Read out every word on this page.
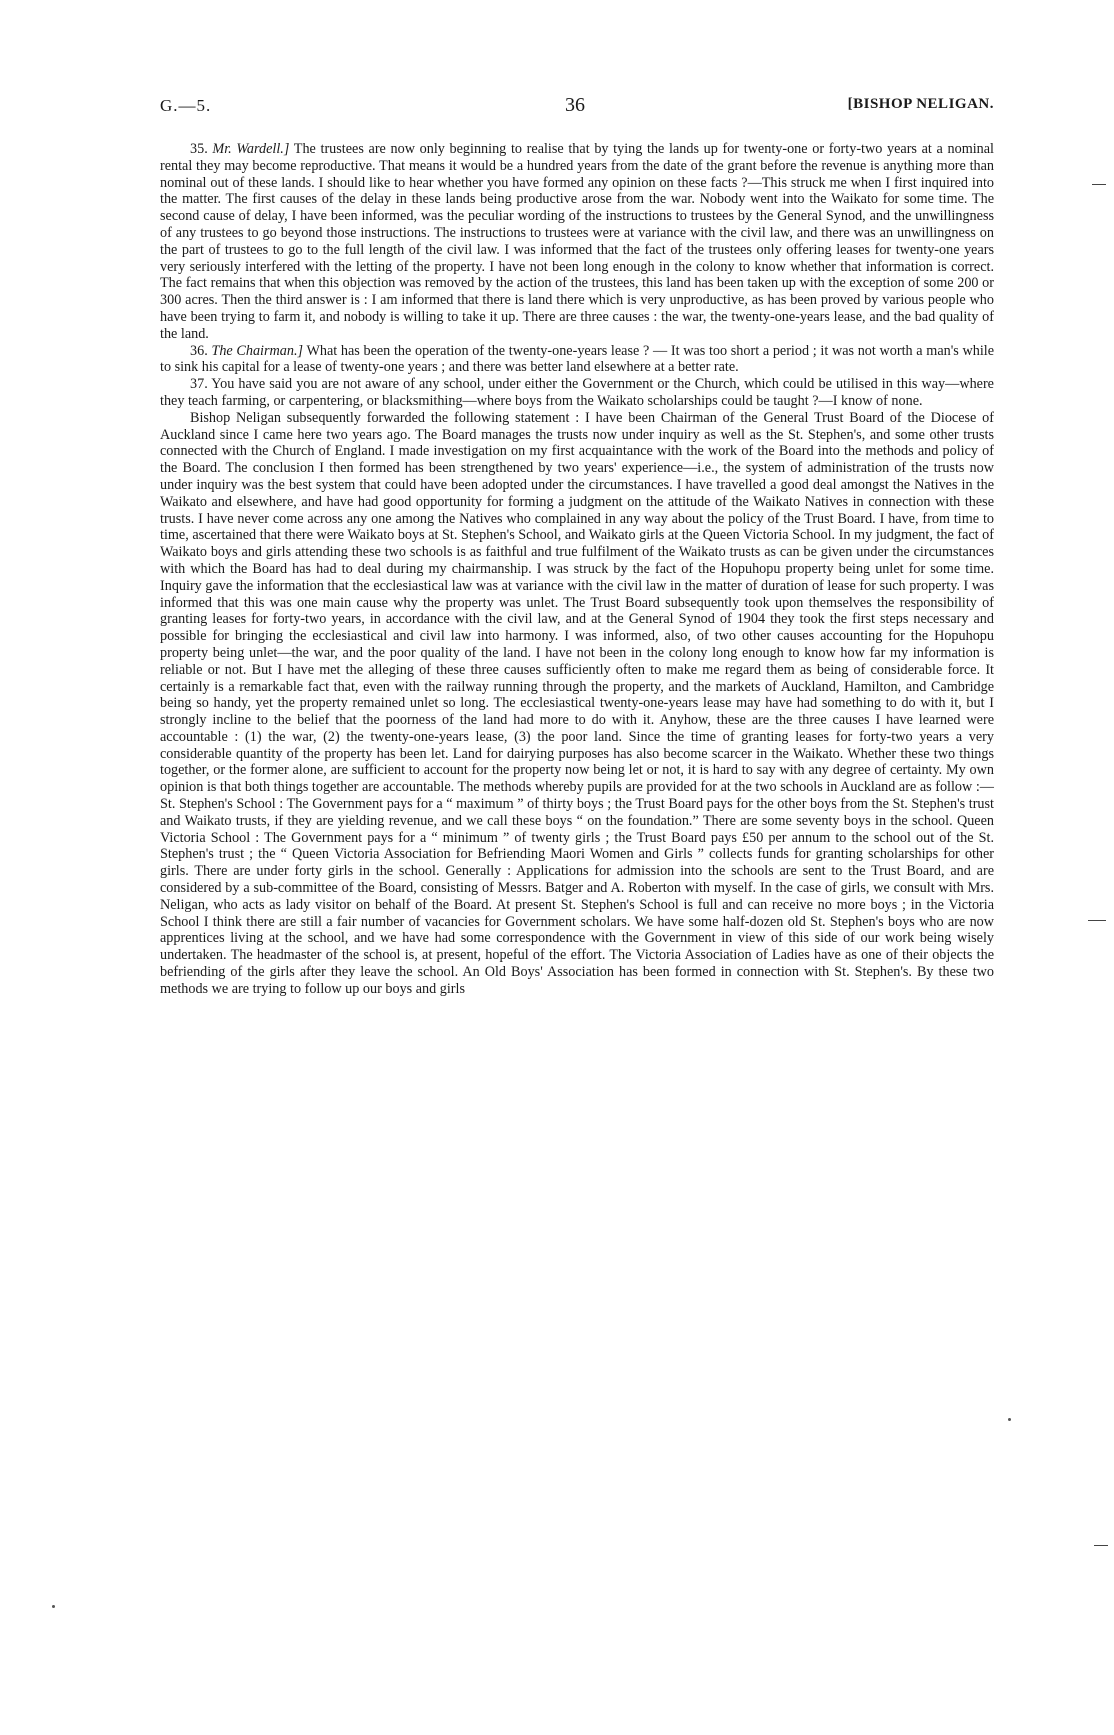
G.—5.	36	[BISHOP NELIGAN.

35. Mr. Wardell.] The trustees are now only beginning to realise that by tying the lands up for twenty-one or forty-two years at a nominal rental they may become reproductive. That means it would be a hundred years from the date of the grant before the revenue is anything more than nominal out of these lands. I should like to hear whether you have formed any opinion on these facts ?—This struck me when I first inquired into the matter. The first causes of the delay in these lands being productive arose from the war. Nobody went into the Waikato for some time. The second cause of delay, I have been informed, was the peculiar wording of the instructions to trustees by the General Synod, and the unwillingness of any trustees to go beyond those instructions. The instructions to trustees were at variance with the civil law, and there was an unwillingness on the part of trustees to go to the full length of the civil law. I was informed that the fact of the trustees only offering leases for twenty-one years very seriously interfered with the letting of the property. I have not been long enough in the colony to know whether that information is correct. The fact remains that when this objection was removed by the action of the trustees, this land has been taken up with the exception of some 200 or 300 acres. Then the third answer is : I am informed that there is land there which is very unproductive, as has been proved by various people who have been trying to farm it, and nobody is willing to take it up. There are three causes : the war, the twenty-one-years lease, and the bad quality of the land.

36. The Chairman.] What has been the operation of the twenty-one-years lease ? — It was too short a period ; it was not worth a man's while to sink his capital for a lease of twenty-one years ; and there was better land elsewhere at a better rate.

37. You have said you are not aware of any school, under either the Government or the Church, which could be utilised in this way—where they teach farming, or carpentering, or blacksmithing—where boys from the Waikato scholarships could be taught ?—I know of none.

Bishop Neligan subsequently forwarded the following statement : I have been Chairman of the General Trust Board of the Diocese of Auckland since I came here two years ago. The Board manages the trusts now under inquiry as well as the St. Stephen's, and some other trusts connected with the Church of England. I made investigation on my first acquaintance with the work of the Board into the methods and policy of the Board. The conclusion I then formed has been strengthened by two years' experience—i.e., the system of administration of the trusts now under inquiry was the best system that could have been adopted under the circumstances. I have travelled a good deal amongst the Natives in the Waikato and elsewhere, and have had good opportunity for forming a judgment on the attitude of the Waikato Natives in connection with these trusts. I have never come across any one among the Natives who complained in any way about the policy of the Trust Board. I have, from time to time, ascertained that there were Waikato boys at St. Stephen's School, and Waikato girls at the Queen Victoria School. In my judgment, the fact of Waikato boys and girls attending these two schools is as faithful and true fulfilment of the Waikato trusts as can be given under the circumstances with which the Board has had to deal during my chairmanship. I was struck by the fact of the Hopuhopu property being unlet for some time. Inquiry gave the information that the ecclesiastical law was at variance with the civil law in the matter of duration of lease for such property. I was informed that this was one main cause why the property was unlet. The Trust Board subsequently took upon themselves the responsibility of granting leases for forty-two years, in accordance with the civil law, and at the General Synod of 1904 they took the first steps necessary and possible for bringing the ecclesiastical and civil law into harmony. I was informed, also, of two other causes accounting for the Hopuhopu property being unlet—the war, and the poor quality of the land. I have not been in the colony long enough to know how far my information is reliable or not. But I have met the alleging of these three causes sufficiently often to make me regard them as being of considerable force. It certainly is a remarkable fact that, even with the railway running through the property, and the markets of Auckland, Hamilton, and Cambridge being so handy, yet the property remained unlet so long. The ecclesiastical twenty-one-years lease may have had something to do with it, but I strongly incline to the belief that the poorness of the land had more to do with it. Anyhow, these are the three causes I have learned were accountable : (1) the war, (2) the twenty-one-years lease, (3) the poor land. Since the time of granting leases for forty-two years a very considerable quantity of the property has been let. Land for dairying purposes has also become scarcer in the Waikato. Whether these two things together, or the former alone, are sufficient to account for the property now being let or not, it is hard to say with any degree of certainty. My own opinion is that both things together are accountable. The methods whereby pupils are provided for at the two schools in Auckland are as follow :—St. Stephen's School : The Government pays for a “ maximum ” of thirty boys ; the Trust Board pays for the other boys from the St. Stephen's trust and Waikato trusts, if they are yielding revenue, and we call these boys “ on the foundation.” There are some seventy boys in the school. Queen Victoria School : The Government pays for a “ minimum ” of twenty girls ; the Trust Board pays £50 per annum to the school out of the St. Stephen's trust ; the “ Queen Victoria Association for Befriending Maori Women and Girls ” collects funds for granting scholarships for other girls. There are under forty girls in the school. Generally : Applications for admission into the schools are sent to the Trust Board, and are considered by a sub-committee of the Board, consisting of Messrs. Batger and A. Roberton with myself. In the case of girls, we consult with Mrs. Neligan, who acts as lady visitor on behalf of the Board. At present St. Stephen's School is full and can receive no more boys ; in the Victoria School I think there are still a fair number of vacancies for Government scholars. We have some half-dozen old St. Stephen's boys who are now apprentices living at the school, and we have had some correspondence with the Government in view of this side of our work being wisely undertaken. The headmaster of the school is, at present, hopeful of the effort. The Victoria Association of Ladies have as one of their objects the befriending of the girls after they leave the school. An Old Boys' Association has been formed in connection with St. Stephen's. By these two methods we are trying to follow up our boys and girls
